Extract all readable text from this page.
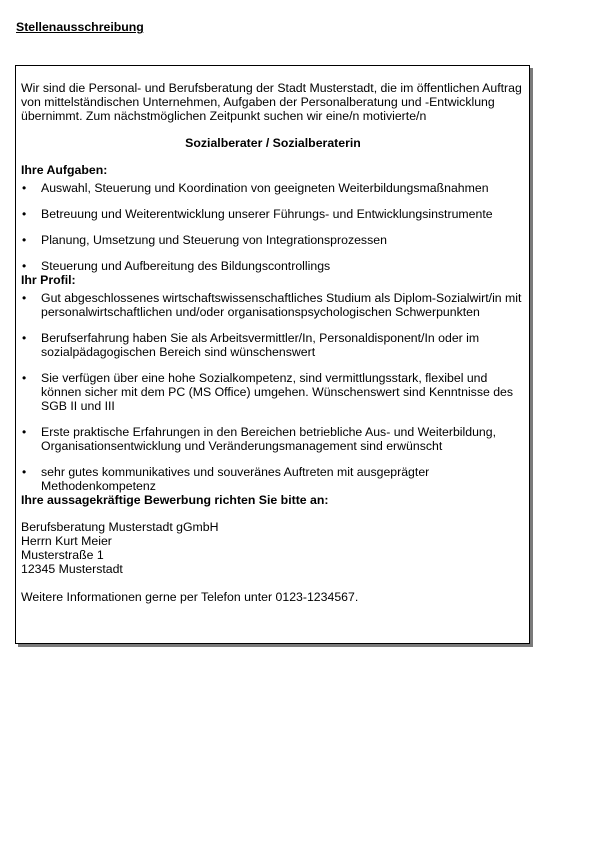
Stellenausschreibung

Wir sind die Personal- und Berufsberatung der Stadt Musterstadt, die im öffentlichen Auftrag von mittelständischen Unternehmen, Aufgaben der Personalberatung und -Entwicklung übernimmt. Zum nächstmöglichen Zeitpunkt suchen wir eine/n motivierte/n

Sozialberater / Sozialberaterin
Ihre Aufgaben:
• Auswahl, Steuerung und Koordination von geeigneten Weiterbildungsmaßnahmen
• Betreuung und Weiterentwicklung unserer Führungs- und Entwicklungsinstrumente
• Planung, Umsetzung und Steuerung von Integrationsprozessen
• Steuerung und Aufbereitung des Bildungscontrollings
Ihr Profil:
• Gut abgeschlossenes wirtschaftswissenschaftliches Studium als Diplom-Sozialwirt/in mit personalwirtschaftlichen und/oder organisationspsychologischen Schwerpunkten
• Berufserfahrung haben Sie als Arbeitsvermittler/In, Personaldisponent/In oder im sozialpädagogischen Bereich sind wünschenswert
• Sie verfügen über eine hohe Sozialkompetenz, sind vermittlungsstark, flexibel und können sicher mit dem PC (MS Office) umgehen. Wünschenswert sind Kenntnisse des SGB II und III
• Erste praktische Erfahrungen in den Bereichen betriebliche Aus- und Weiterbildung, Organisationsentwicklung und Veränderungsmanagement sind erwünscht
• sehr gutes kommunikatives und souveränes Auftreten mit ausgeprägter Methodenkompetenz
Ihre aussagekräftige Bewerbung richten Sie bitte an:
Berufsberatung Musterstadt gGmbH
Herrn Kurt Meier
Musterstraße 1
12345 Musterstadt
Weitere Informationen gerne per Telefon unter 0123-1234567.
